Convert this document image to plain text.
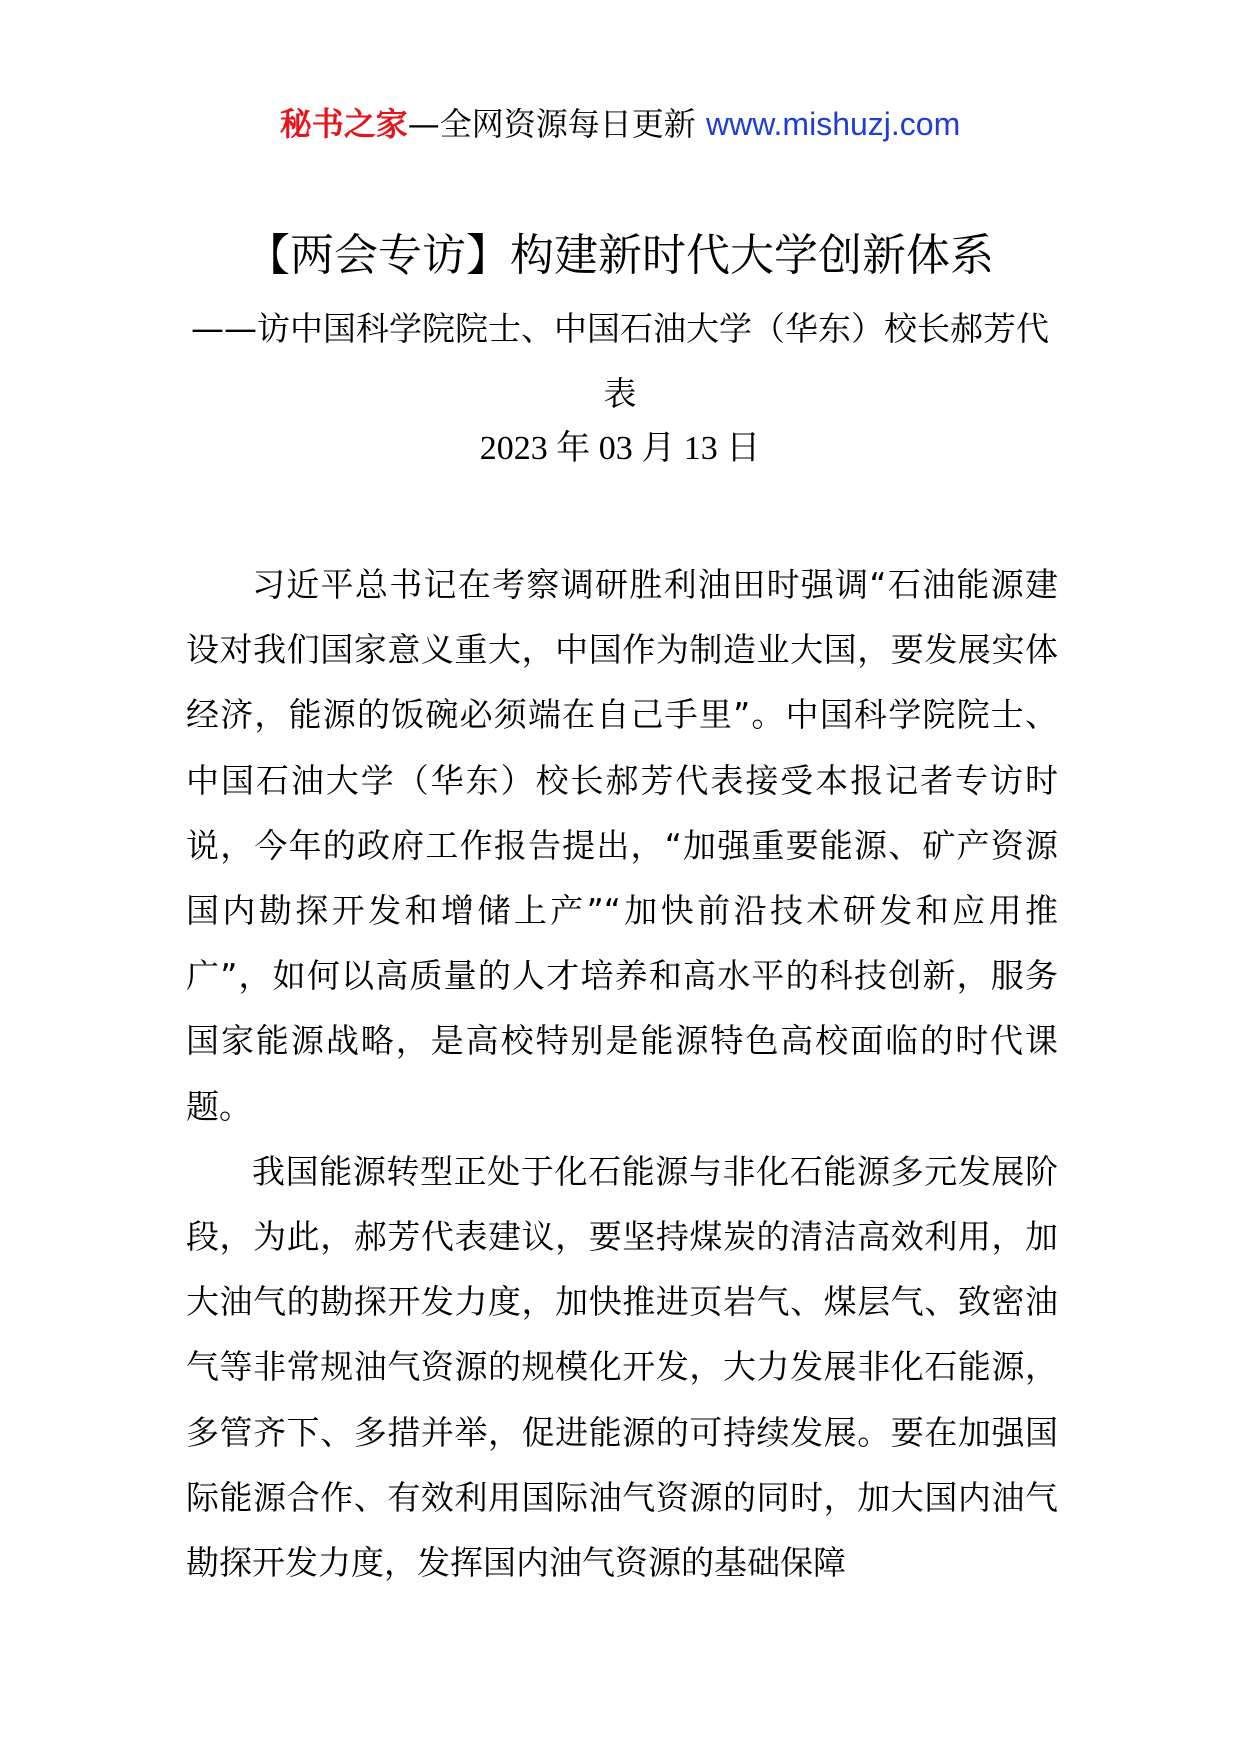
秘书之家—全网资源每日更新 www.mishuzj.com
【两会专访】构建新时代大学创新体系
——访中国科学院院士、中国石油大学（华东）校长郝芳代表
2023 年 03 月 13 日

习近平总书记在考察调研胜利油田时强调“石油能源建设对我们国家意义重大，中国作为制造业大国，要发展实体经济，能源的饭碗必须端在自己手里”。中国科学院院士、中国石油大学（华东）校长郝芳代表接受本报记者专访时说，今年的政府工作报告提出，“加强重要能源、矿产资源国内勘探开发和增储上产”“加快前沿技术研发和应用推广”，如何以高质量的人才培养和高水平的科技创新，服务国家能源战略，是高校特别是能源特色高校面临的时代课题。

我国能源转型正处于化石能源与非化石能源多元发展阶段，为此，郝芳代表建议，要坚持煤炭的清洁高效利用，加大油气的勘探开发力度，加快推进页岩气、煤层气、致密油气等非常规油气资源的规模化开发，大力发展非化石能源，多管齐下、多措并举，促进能源的可持续发展。要在加强国际能源合作、有效利用国际油气资源的同时，加大国内油气勘探开发力度，发挥国内油气资源的基础保障
